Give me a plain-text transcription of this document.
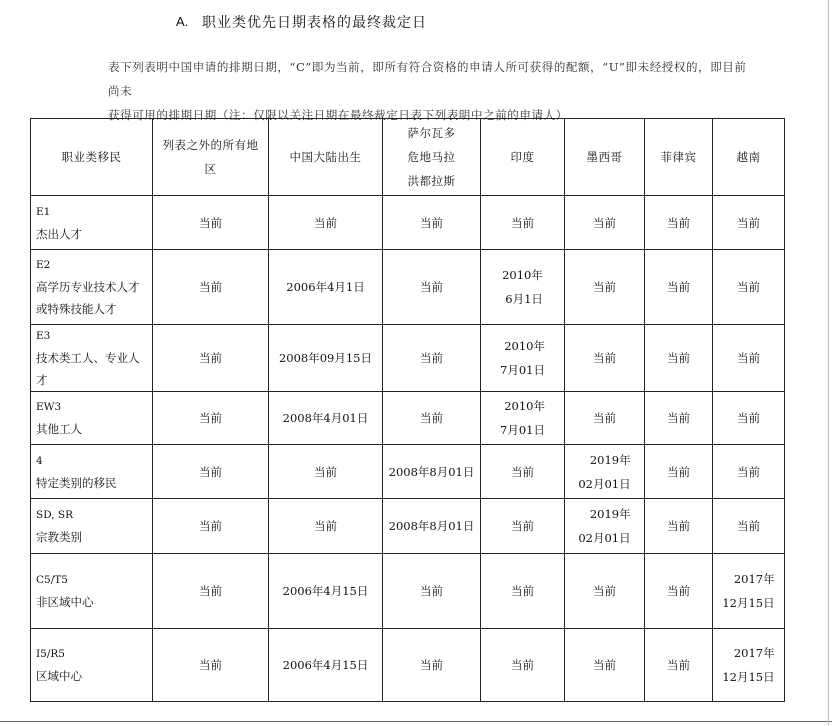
A. 职业类优先日期表格的最终裁定日

表下列表明中国申请的排期日期，“C”即为当前，即所有符合资格的申请人所可获得的配额，“U”即未经授权的，即目前尚未

获得可用的排期日期（注：仅限以关注日期在最终裁定日表下列表明中之前的申请人）

职业类移民	列表之外的所有地区	中国大陆出生	萨尔瓦多
危地马拉
洪都拉斯	印度	墨西哥	菲律宾	越南

E1
杰出人才	当前	当前	当前	当前	当前	当前	当前

E2
高学历专业技术人才
或特殊技能人才	当前	2006年4月1日	当前	2010年
6月1日	当前	当前	当前

E3
技术类工人、专业人才	当前	2008年09月15日	当前	2010年
7月01日	当前	当前	当前

EW3
其他工人	当前	2008年4月01日	当前	2010年
7月01日	当前	当前	当前

4
特定类别的移民	当前	当前	2008年8月01日	当前	2019年
02月01日	当前	当前

SD, SR
宗教类别	当前	当前	2008年8月01日	当前	2019年
02月01日	当前	当前

C5/T5
非区域中心	当前	2006年4月15日	当前	当前	当前	当前	2017年
12月15日

I5/R5
区域中心	当前	2006年4月15日	当前	当前	当前	当前	2017年
12月15日
